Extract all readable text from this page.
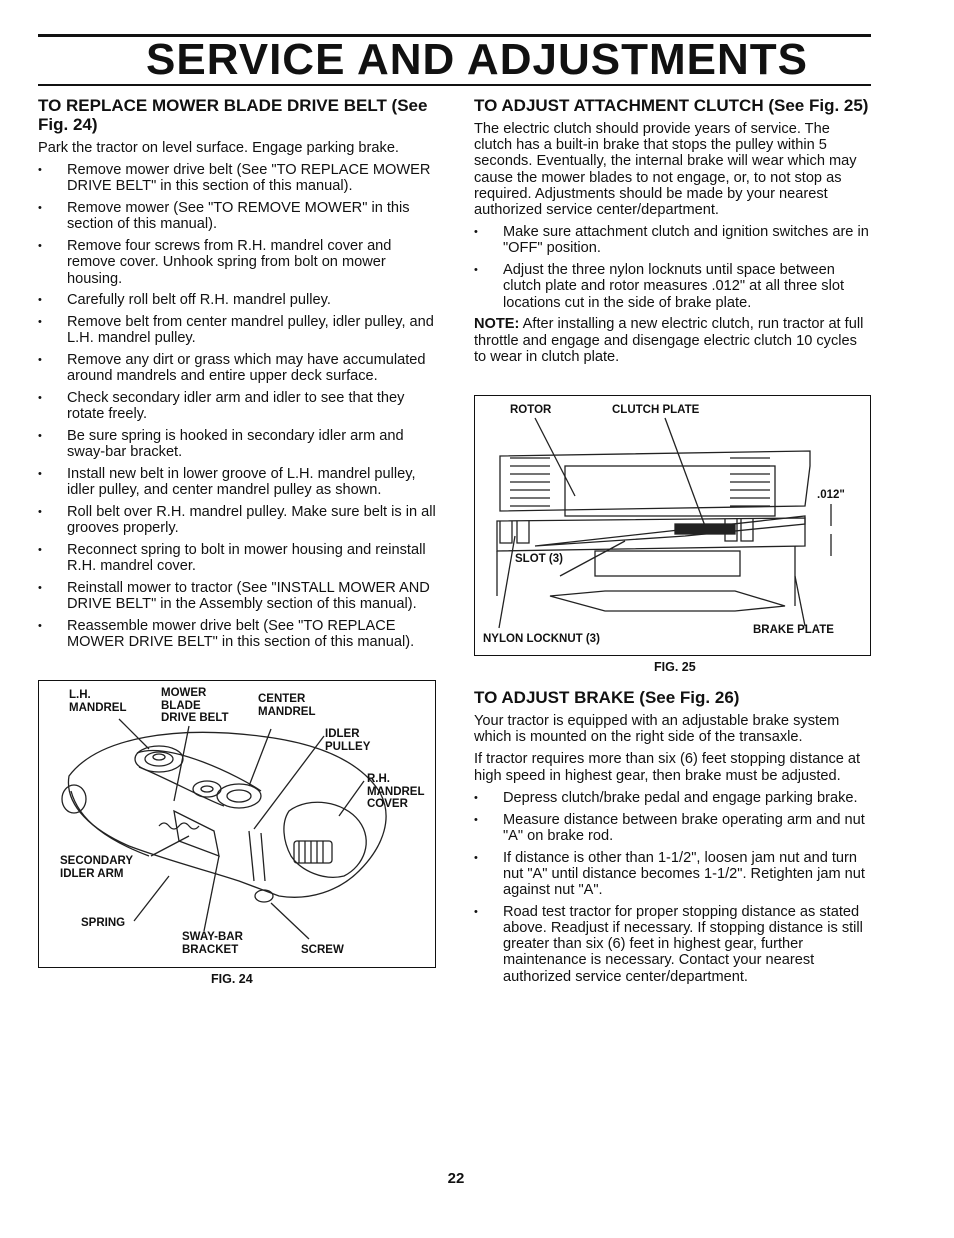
SERVICE AND ADJUSTMENTS
TO REPLACE MOWER BLADE DRIVE BELT (See Fig. 24)

Park the tractor on level surface. Engage parking brake.

• Remove mower drive belt (See "TO REPLACE MOWER DRIVE BELT" in this section of this manual).
• Remove mower (See "TO REMOVE MOWER" in this section of this manual).
• Remove four screws from R.H. mandrel cover and remove cover. Unhook spring from bolt on mower housing.
• Carefully roll belt off R.H. mandrel pulley.
• Remove belt from center mandrel pulley, idler pulley, and L.H. mandrel pulley.
• Remove any dirt or grass which may have accumulated around mandrels and entire upper deck surface.
• Check secondary idler arm and idler to see that they rotate freely.
• Be sure spring is hooked in secondary idler arm and sway-bar bracket.
• Install new belt in lower groove of L.H. mandrel pulley, idler pulley, and center mandrel pulley as shown.
• Roll belt over R.H. mandrel pulley. Make sure belt is in all grooves properly.
• Reconnect spring to bolt in mower housing and reinstall R.H. mandrel cover.
• Reinstall mower to tractor (See "INSTALL MOWER AND DRIVE BELT" in the Assembly section of this manual).
• Reassemble mower drive belt (See "TO REPLACE MOWER DRIVE BELT" in this section of this manual).
L.H.
MANDREL
MOWER
BLADE
DRIVE BELT
CENTER
MANDREL
IDLER
PULLEY
R.H.
MANDREL
COVER
SECONDARY
IDLER ARM
SPRING
SWAY-BAR
BRACKET	SCREW
FIG. 24
TO ADJUST ATTACHMENT CLUTCH (See Fig. 25)

The electric clutch should provide years of service. The clutch has a built-in brake that stops the pulley within 5 seconds. Eventually, the internal brake will wear which may cause the mower blades to not engage, or, to not stop as required. Adjustments should be made by your nearest authorized service center/department.

• Make sure attachment clutch and ignition switches are in "OFF" position.
• Adjust the three nylon locknuts until space between clutch plate and rotor measures .012" at all three slot locations cut in the side of brake plate.

NOTE: After installing a new electric clutch, run tractor at full throttle and engage and disengage electric clutch 10 cycles to wear in clutch plate.

ROTOR	CLUTCH PLATE
.012"
SLOT (3)
NYLON LOCKNUT (3)
BRAKE PLATE
FIG. 25
TO ADJUST BRAKE (See Fig. 26)

Your tractor is equipped with an adjustable brake system which is mounted on the right side of the transaxle.

If tractor requires more than six (6) feet stopping distance at high speed in highest gear, then brake must be adjusted.

• Depress clutch/brake pedal and engage parking brake.
• Measure distance between brake operating arm and nut "A" on brake rod.
• If distance is other than 1-1/2", loosen jam nut and turn nut "A" until distance becomes 1-1/2". Retighten jam nut against nut "A".
• Road test tractor for proper stopping distance as stated above. Readjust if necessary. If stopping distance is still greater than six (6) feet in highest gear, further maintenance is necessary. Contact your nearest authorized service center/department.
22
